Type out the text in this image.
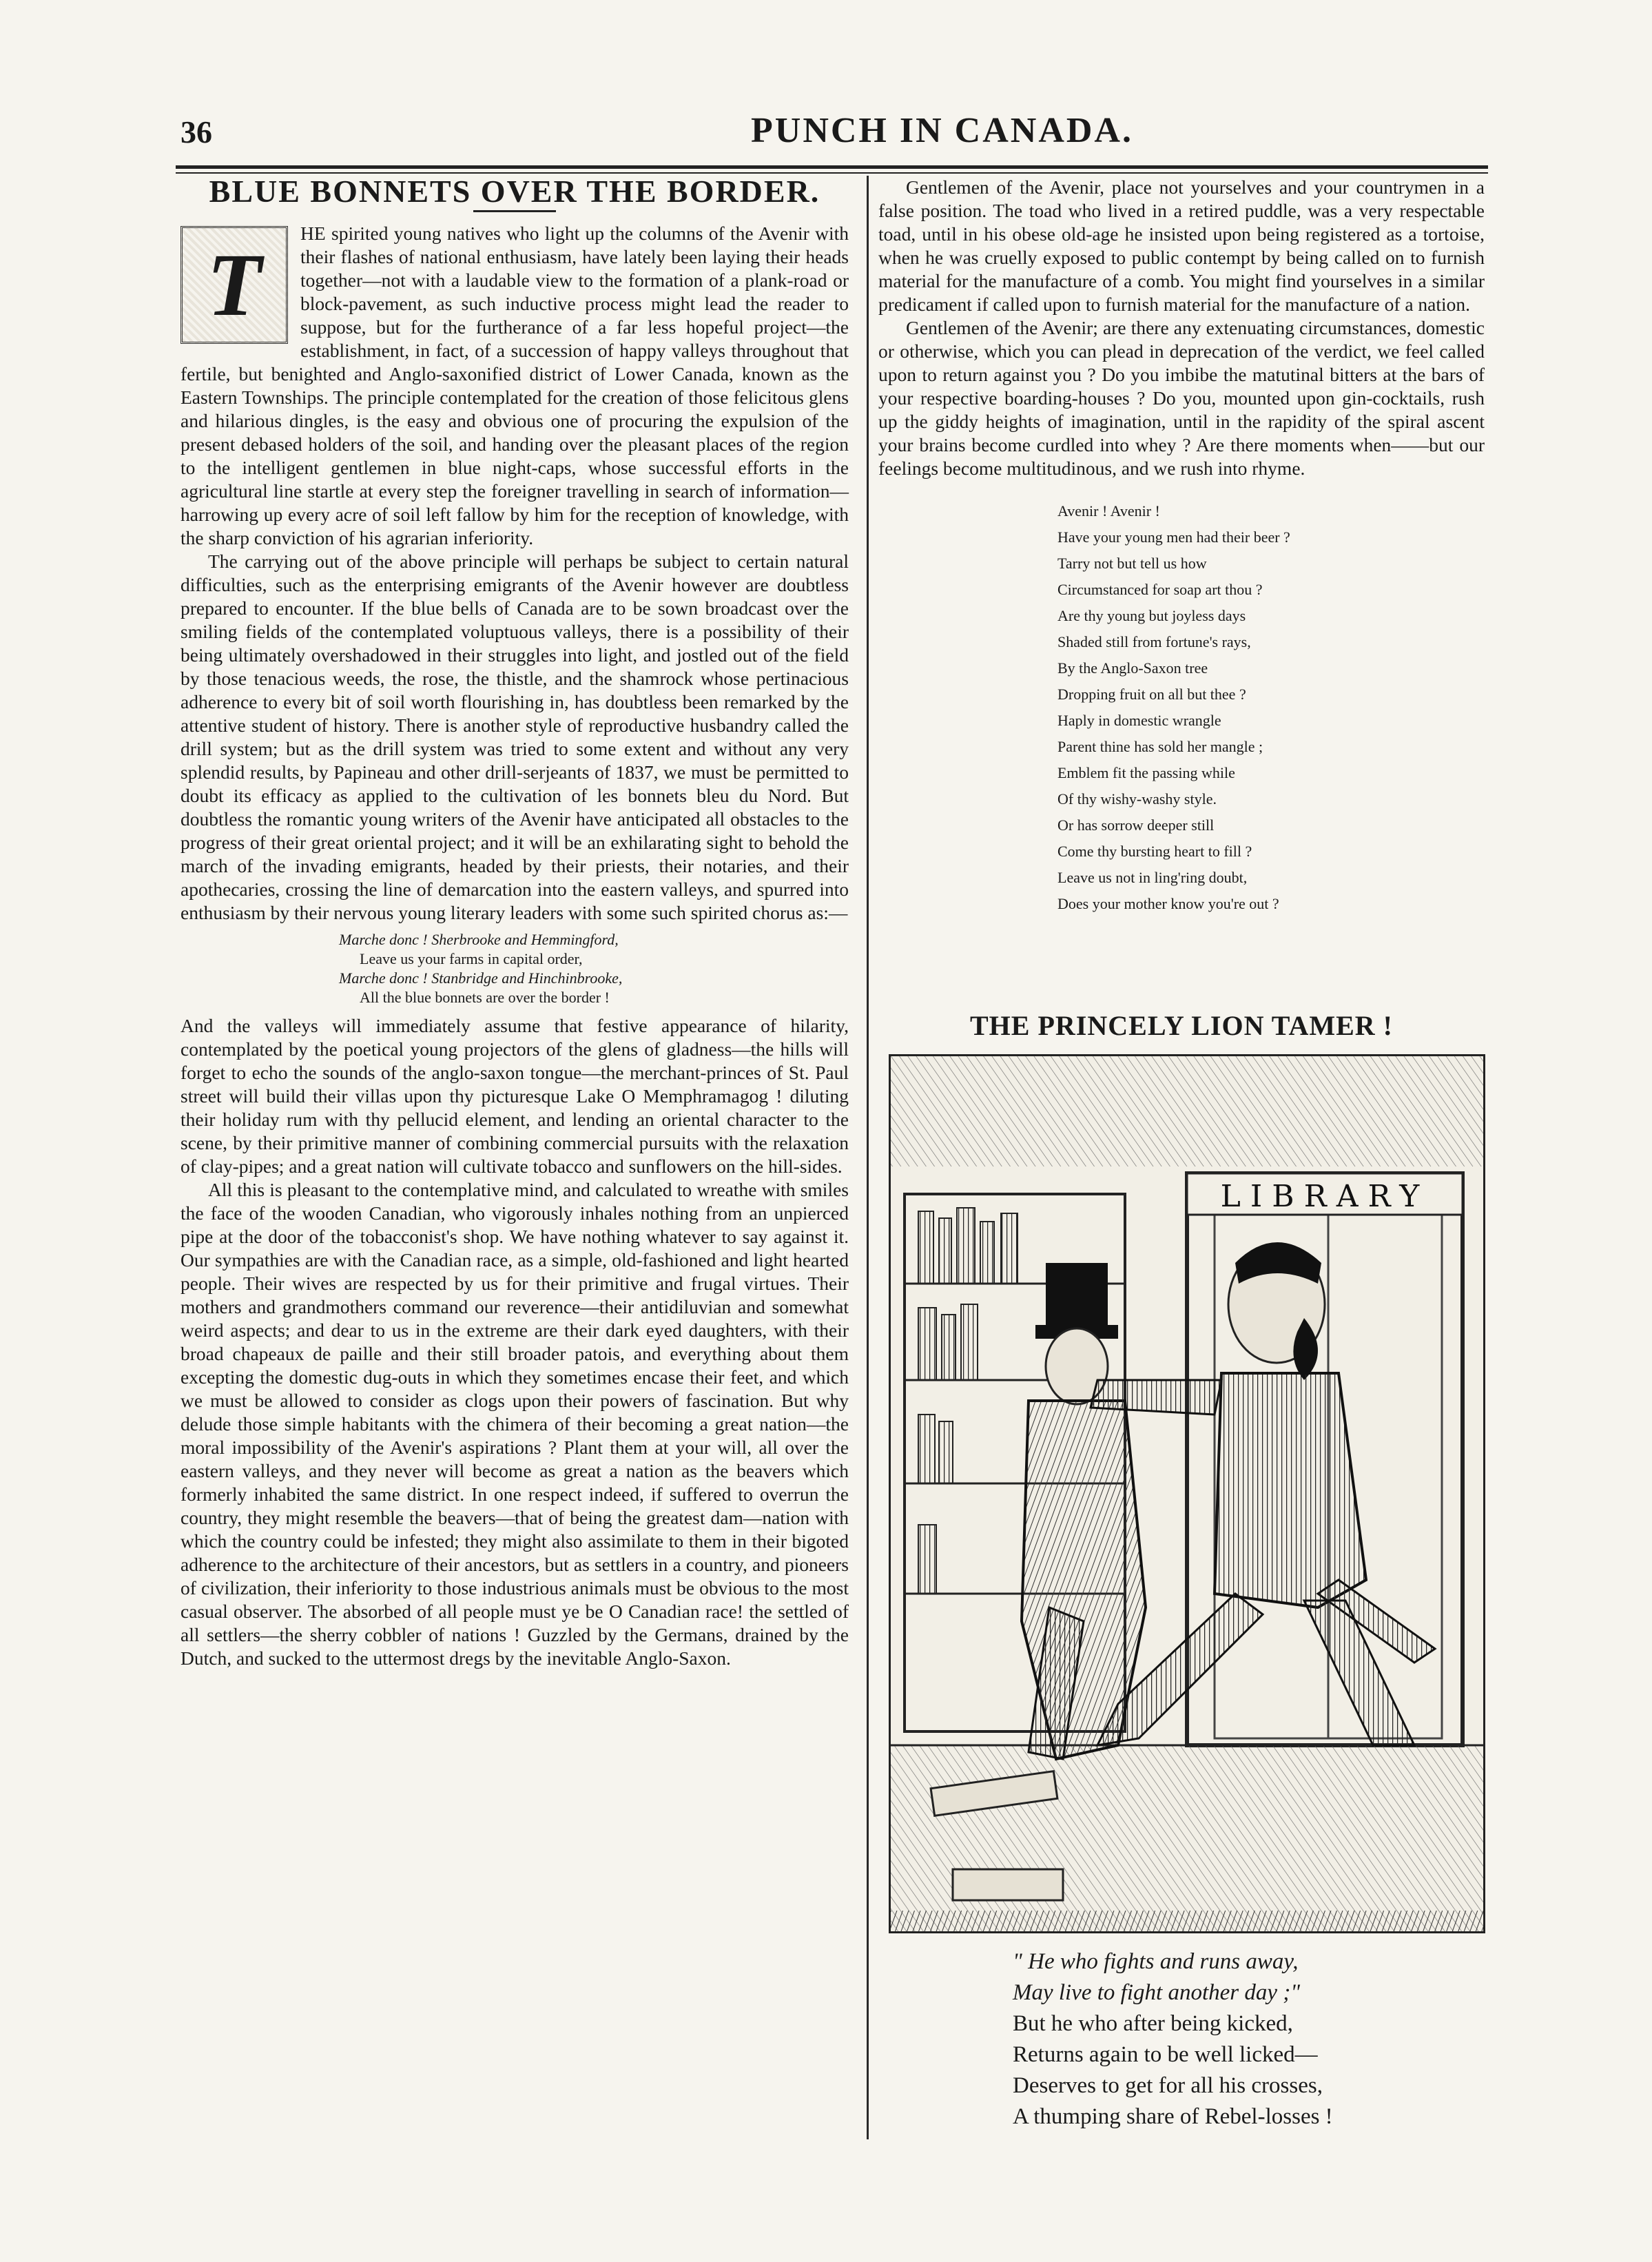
36	PUNCH IN CANADA.
BLUE BONNETS OVER THE BORDER.
T

HE spirited young natives who light up the columns of the Avenir with their flashes of national enthusiasm, have lately been laying their heads together—not with a laudable view to the formation of a plank-road or block-pavement, as such inductive process might lead the reader to suppose, but for the furtherance of a far less hopeful project—the establishment, in fact, of a succession of happy valleys throughout that fertile, but benighted and Anglo-saxonified district of Lower Canada, known as the Eastern Townships. The principle contemplated for the creation of those felicitous glens and hilarious dingles, is the easy and obvious one of procuring the expulsion of the present debased holders of the soil, and handing over the pleasant places of the region to the intelligent gentlemen in blue night-caps, whose successful efforts in the agricultural line startle at every step the foreigner travelling in search of information—harrowing up every acre of soil left fallow by him for the reception of knowledge, with the sharp conviction of his agrarian inferiority.

The carrying out of the above principle will perhaps be subject to certain natural difficulties, such as the enterprising emigrants of the Avenir however are doubtless prepared to encounter. If the blue bells of Canada are to be sown broadcast over the smiling fields of the contemplated voluptuous valleys, there is a possibility of their being ultimately overshadowed in their struggles into light, and jostled out of the field by those tenacious weeds, the rose, the thistle, and the shamrock whose pertinacious adherence to every bit of soil worth flourishing in, has doubtless been remarked by the attentive student of history. There is another style of reproductive husbandry called the drill system; but as the drill system was tried to some extent and without any very splendid results, by Papineau and other drill-serjeants of 1837, we must be permitted to doubt its efficacy as applied to the cultivation of les bonnets bleu du Nord. But doubtless the romantic young writers of the Avenir have anticipated all obstacles to the progress of their great oriental project; and it will be an exhilarating sight to behold the march of the invading emigrants, headed by their priests, their notaries, and their apothecaries, crossing the line of demarcation into the eastern valleys, and spurred into enthusiasm by their nervous young literary leaders with some such spirited chorus as:—

Marche donc ! Sherbrooke and Hemmingford,
Leave us your farms in capital order,
Marche donc ! Stanbridge and Hinchinbrooke,
All the blue bonnets are over the border !

And the valleys will immediately assume that festive appearance of hilarity, contemplated by the poetical young projectors of the glens of gladness—the hills will forget to echo the sounds of the anglo-saxon tongue—the merchant-princes of St. Paul street will build their villas upon thy picturesque Lake O Memphramagog ! diluting their holiday rum with thy pellucid element, and lending an oriental character to the scene, by their primitive manner of combining commercial pursuits with the relaxation of clay-pipes; and a great nation will cultivate tobacco and sunflowers on the hill-sides.

All this is pleasant to the contemplative mind, and calculated to wreathe with smiles the face of the wooden Canadian, who vigorously inhales nothing from an unpierced pipe at the door of the tobacconist's shop. We have nothing whatever to say against it. Our sympathies are with the Canadian race, as a simple, old-fashioned and light hearted people. Their wives are respected by us for their primitive and frugal virtues. Their mothers and grandmothers command our reverence—their antidiluvian and somewhat weird aspects; and dear to us in the extreme are their dark eyed daughters, with their broad chapeaux de paille and their still broader patois, and everything about them excepting the domestic dug-outs in which they sometimes encase their feet, and which we must be allowed to consider as clogs upon their powers of fascination. But why delude those simple habitants with the chimera of their becoming a great nation—the moral impossibility of the Avenir's aspirations ? Plant them at your will, all over the eastern valleys, and they never will become as great a nation as the beavers which formerly inhabited the same district. In one respect indeed, if suffered to overrun the country, they might resemble the beavers—that of being the greatest dam—nation with which the country could be infested; they might also assimilate to them in their bigoted adherence to the architecture of their ancestors, but as settlers in a country, and pioneers of civilization, their inferiority to those industrious animals must be obvious to the most casual observer. The absorbed of all people must ye be O Canadian race! the settled of all settlers—the sherry cobbler of nations ! Guzzled by the Germans, drained by the Dutch, and sucked to the uttermost dregs by the inevitable Anglo-Saxon.

Gentlemen of the Avenir, place not yourselves and your countrymen in a false position. The toad who lived in a retired puddle, was a very respectable toad, until in his obese old-age he insisted upon being registered as a tortoise, when he was cruelly exposed to public contempt by being called on to furnish material for the manufacture of a comb. You might find yourselves in a similar predicament if called upon to furnish material for the manufacture of a nation.

Gentlemen of the Avenir; are there any extenuating circumstances, domestic or otherwise, which you can plead in deprecation of the verdict, we feel called upon to return against you ? Do you imbibe the matutinal bitters at the bars of your respective boarding-houses ? Do you, mounted upon gin-cocktails, rush up the giddy heights of imagination, until in the rapidity of the spiral ascent your brains become curdled into whey ? Are there moments when——but our feelings become multitudinous, and we rush into rhyme.

Avenir ! Avenir !
Have your young men had their beer ?
Tarry not but tell us how
Circumstanced for soap art thou ?
Are thy young but joyless days
Shaded still from fortune's rays,
By the Anglo-Saxon tree
Dropping fruit on all but thee ?
Haply in domestic wrangle
Parent thine has sold her mangle ;
Emblem fit the passing while
Of thy wishy-washy style.
Or has sorrow deeper still
Come thy bursting heart to fill ?
Leave us not in ling'ring doubt,
Does your mother know you're out ?
THE PRINCELY LION TAMER !
LIBRARY
" He who fights and runs away,
May live to fight another day ;"
But he who after being kicked,
Returns again to be well licked—
Deserves to get for all his crosses,
A thumping share of Rebel-losses !
